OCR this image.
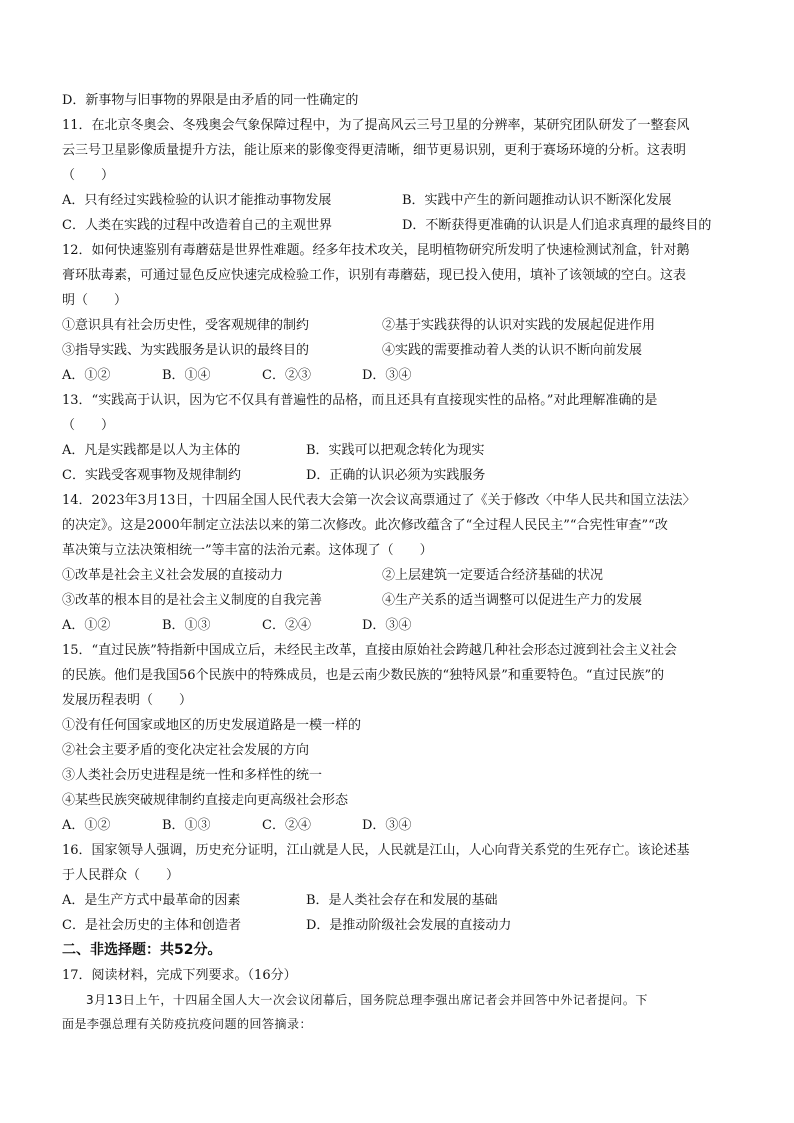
D．新事物与旧事物的界限是由矛盾的同一性确定的
11．在北京冬奥会、冬残奥会气象保障过程中，为了提高风云三号卫星的分辨率，某研究团队研发了一整套风
云三号卫星影像质量提升方法，能让原来的影像变得更清晰，细节更易识别，更利于赛场环境的分析。这表明
（　　）
A．只有经过实践检验的认识才能推动事物发展	B．实践中产生的新问题推动认识不断深化发展
C．人类在实践的过程中改造着自己的主观世界	D．不断获得更准确的认识是人们追求真理的最终目的
12．如何快速鉴别有毒蘑菇是世界性难题。经多年技术攻关，昆明植物研究所发明了快速检测试剂盒，针对鹅
膏环肽毒素，可通过显色反应快速完成检验工作，识别有毒蘑菇，现已投入使用，填补了该领域的空白。这表
明（　　）
①意识具有社会历史性，受客观规律的制约	②基于实践获得的认识对实践的发展起促进作用
③指导实践、为实践服务是认识的最终目的	④实践的需要推动着人类的认识不断向前发展
A．①②	B．①④	C．②③	D．③④
13．“实践高于认识，因为它不仅具有普遍性的品格，而且还具有直接现实性的品格。”对此理解准确的是
（　　）
A．凡是实践都是以人为主体的	B．实践可以把观念转化为现实
C．实践受客观事物及规律制约	D．正确的认识必须为实践服务
14．2023年3月13日，十四届全国人民代表大会第一次会议高票通过了《关于修改〈中华人民共和国立法法〉
的决定》。这是2000年制定立法法以来的第二次修改。此次修改蕴含了“全过程人民民主”“合宪性审查”“改
革决策与立法决策相统一”等丰富的法治元素。这体现了（　　）
①改革是社会主义社会发展的直接动力	②上层建筑一定要适合经济基础的状况
③改革的根本目的是社会主义制度的自我完善	④生产关系的适当调整可以促进生产力的发展
A．①②	B．①③	C．②④	D．③④
15．“直过民族”特指新中国成立后，未经民主改革，直接由原始社会跨越几种社会形态过渡到社会主义社会
的民族。他们是我国56个民族中的特殊成员，也是云南少数民族的“独特风景”和重要特色。“直过民族”的
发展历程表明（　　）
①没有任何国家或地区的历史发展道路是一模一样的
②社会主要矛盾的变化决定社会发展的方向
③人类社会历史进程是统一性和多样性的统一
④某些民族突破规律制约直接走向更高级社会形态
A．①②	B．①③	C．②④	D．③④
16．国家领导人强调，历史充分证明，江山就是人民，人民就是江山，人心向背关系党的生死存亡。该论述基
于人民群众（　　）
A．是生产方式中最革命的因素	B．是人类社会存在和发展的基础
C．是社会历史的主体和创造者	D．是推动阶级社会发展的直接动力
二、非选择题：共52分。
17．阅读材料，完成下列要求。（16分）
3月13日上午，十四届全国人大一次会议闭幕后，国务院总理李强出席记者会并回答中外记者提问。下
面是李强总理有关防疫抗疫问题的回答摘录：
